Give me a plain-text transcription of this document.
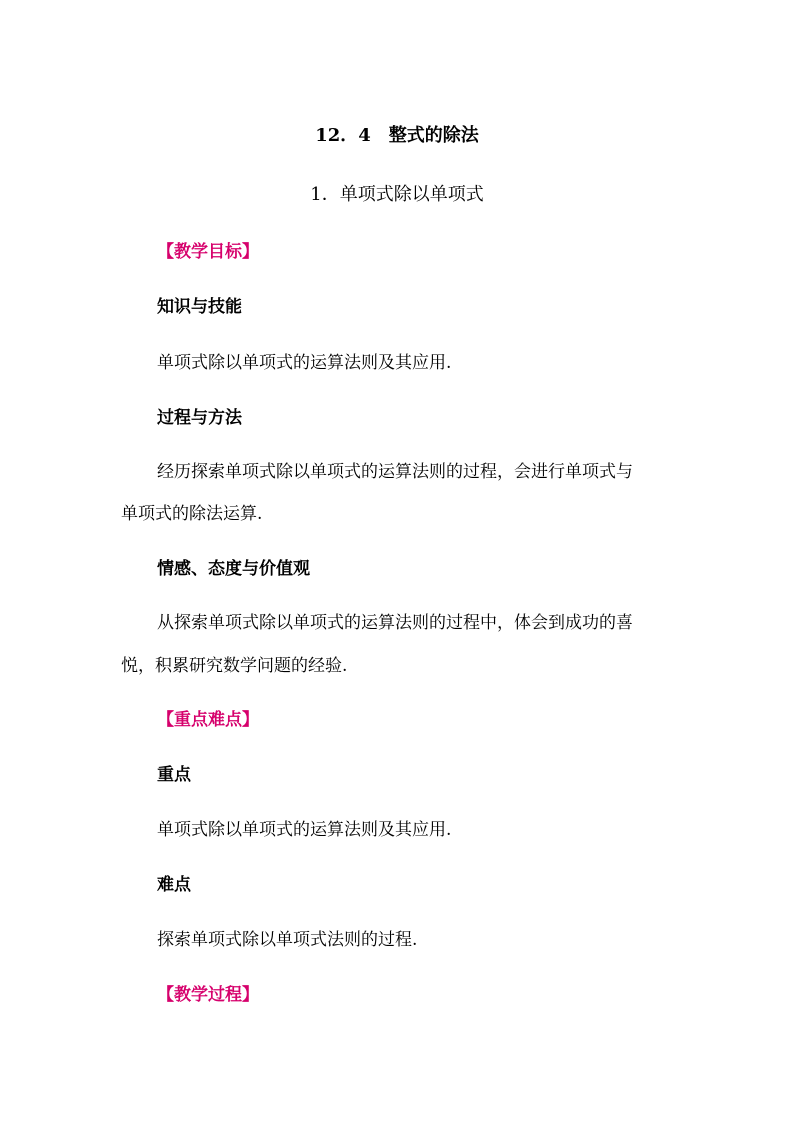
12．4　整式的除法
1．单项式除以单项式
【教学目标】
知识与技能
单项式除以单项式的运算法则及其应用.
过程与方法
经历探索单项式除以单项式的运算法则的过程，会进行单项式与
单项式的除法运算.
情感、态度与价值观
从探索单项式除以单项式的运算法则的过程中，体会到成功的喜
悦，积累研究数学问题的经验.
【重点难点】
重点
单项式除以单项式的运算法则及其应用.
难点
探索单项式除以单项式法则的过程.
【教学过程】
